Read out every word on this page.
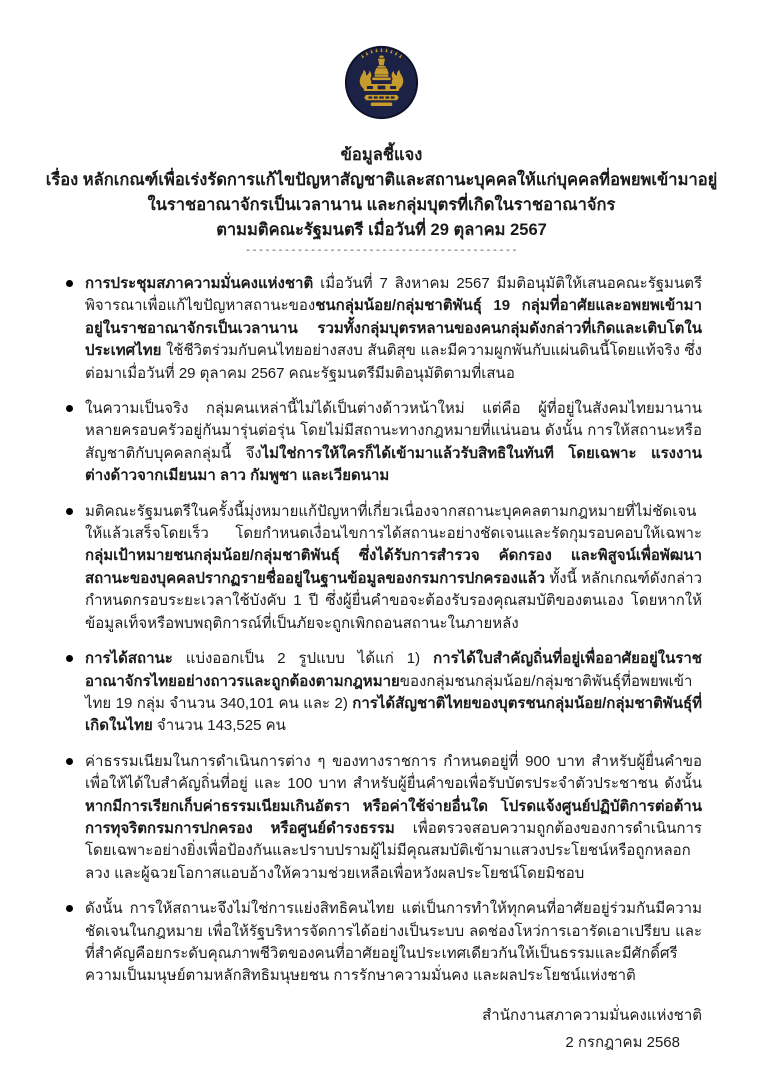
ข้อมูลชี้แจง
เรื่อง หลักเกณฑ์เพื่อเร่งรัดการแก้ไขปัญหาสัญชาติและสถานะบุคคลให้แก่บุคคลที่อพยพเข้ามาอยู่
ในราชอาณาจักรเป็นเวลานาน และกลุ่มบุตรที่เกิดในราชอาณาจักร
ตามมติคณะรัฐมนตรี เมื่อวันที่ 29 ตุลาคม 2567
------------------------------------------
การประชุมสภาความมั่นคงแห่งชาติ เมื่อวันที่ 7 สิงหาคม 2567 มีมติอนุมัติให้เสนอคณะรัฐมนตรีพิจารณาเพื่อแก้ไขปัญหาสถานะของชนกลุ่มน้อย/กลุ่มชาติพันธุ์ 19 กลุ่มที่อาศัยและอพยพเข้ามาอยู่ในราชอาณาจักรเป็นเวลานาน รวมทั้งกลุ่มบุตรหลานของคนกลุ่มดังกล่าวที่เกิดและเติบโตในประเทศไทย ใช้ชีวิตร่วมกับคนไทยอย่างสงบ สันติสุข และมีความผูกพันกับแผ่นดินนี้โดยแท้จริง ซึ่งต่อมาเมื่อวันที่ 29 ตุลาคม 2567 คณะรัฐมนตรีมีมติอนุมัติตามที่เสนอ
ในความเป็นจริง กลุ่มคนเหล่านี้ไม่ได้เป็นต่างด้าวหน้าใหม่ แต่คือ ผู้ที่อยู่ในสังคมไทยมานาน หลายครอบครัวอยู่กันมารุ่นต่อรุ่น โดยไม่มีสถานะทางกฎหมายที่แน่นอน ดังนั้น การให้สถานะหรือสัญชาติกับบุคคลกลุ่มนี้ จึงไม่ใช่การให้ใครก็ได้เข้ามาแล้วรับสิทธิในทันที โดยเฉพาะ แรงงานต่างด้าวจากเมียนมา ลาว กัมพูชา และเวียดนาม
มติคณะรัฐมนตรีในครั้งนี้มุ่งหมายแก้ปัญหาที่เกี่ยวเนื่องจากสถานะบุคคลตามกฎหมายที่ไม่ชัดเจนให้แล้วเสร็จโดยเร็ว โดยกำหนดเงื่อนไขการได้สถานะอย่างชัดเจนและรัดกุมรอบคอบให้เฉพาะกลุ่มเป้าหมายชนกลุ่มน้อย/กลุ่มชาติพันธุ์ ซึ่งได้รับการสำรวจ คัดกรอง และพิสูจน์เพื่อพัฒนาสถานะของบุคคลปรากฏรายชื่ออยู่ในฐานข้อมูลของกรมการปกครองแล้ว ทั้งนี้ หลักเกณฑ์ดังกล่าวกำหนดกรอบระยะเวลาใช้บังคับ 1 ปี ซึ่งผู้ยื่นคำขอจะต้องรับรองคุณสมบัติของตนเอง โดยหากให้ข้อมูลเท็จหรือพบพฤติการณ์ที่เป็นภัยจะถูกเพิกถอนสถานะในภายหลัง
การได้สถานะ แบ่งออกเป็น 2 รูปแบบ ได้แก่ 1) การได้ใบสำคัญถิ่นที่อยู่เพื่ออาศัยอยู่ในราชอาณาจักรไทยอย่างถาวรและถูกต้องตามกฎหมายของกลุ่มชนกลุ่มน้อย/กลุ่มชาติพันธุ์ที่อพยพเข้าไทย 19 กลุ่ม จำนวน 340,101 คน และ 2) การได้สัญชาติไทยของบุตรชนกลุ่มน้อย/กลุ่มชาติพันธุ์ที่เกิดในไทย จำนวน 143,525 คน
ค่าธรรมเนียมในการดำเนินการต่าง ๆ ของทางราชการ กำหนดอยู่ที่ 900 บาท สำหรับผู้ยื่นคำขอเพื่อให้ได้ใบสำคัญถิ่นที่อยู่ และ 100 บาท สำหรับผู้ยื่นคำขอเพื่อรับบัตรประจำตัวประชาชน ดังนั้น หากมีการเรียกเก็บค่าธรรมเนียมเกินอัตรา หรือค่าใช้จ่ายอื่นใด โปรดแจ้งศูนย์ปฏิบัติการต่อต้านการทุจริตกรมการปกครอง หรือศูนย์ดำรงธรรม เพื่อตรวจสอบความถูกต้องของการดำเนินการ โดยเฉพาะอย่างยิ่งเพื่อป้องกันและปราบปรามผู้ไม่มีคุณสมบัติเข้ามาแสวงประโยชน์หรือถูกหลอกลวง และผู้ฉวยโอกาสแอบอ้างให้ความช่วยเหลือเพื่อหวังผลประโยชน์โดยมิชอบ
ดังนั้น การให้สถานะจึงไม่ใช่การแย่งสิทธิคนไทย แต่เป็นการทำให้ทุกคนที่อาศัยอยู่ร่วมกันมีความชัดเจนในกฎหมาย เพื่อให้รัฐบริหารจัดการได้อย่างเป็นระบบ ลดช่องโหว่การเอารัดเอาเปรียบ และที่สำคัญคือยกระดับคุณภาพชีวิตของคนที่อาศัยอยู่ในประเทศเดียวกันให้เป็นธรรมและมีศักดิ์ศรีความเป็นมนุษย์ตามหลักสิทธิมนุษยชน การรักษาความมั่นคง และผลประโยชน์แห่งชาติ
สำนักงานสภาความมั่นคงแห่งชาติ
2 กรกฎาคม 2568
